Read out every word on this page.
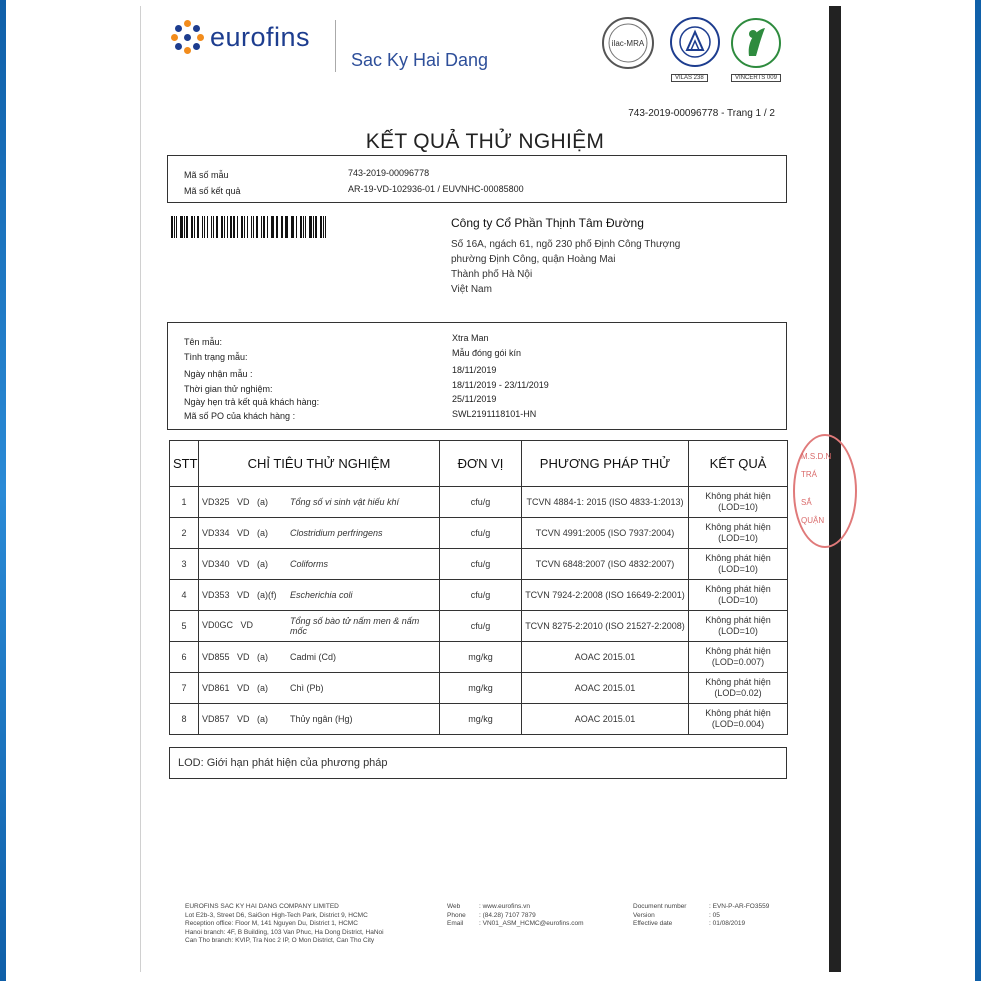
eurofins
Sac Ky Hai Dang
ilac-MRA
VILAS 238	VINCERTS 009
743-2019-00096778 - Trang 1 / 2
KẾT QUẢ THỬ NGHIỆM
Mã số mẫu	743-2019-00096778
Mã số kết quả	AR-19-VD-102936-01 / EUVNHC-00085800
Công ty Cổ Phần Thịnh Tâm Đường
Số 16A, ngách 61, ngõ 230 phố Định Công Thượng
phường Định Công, quận Hoàng Mai
Thành phố Hà Nội
Việt Nam
Tên mẫu:	Xtra Man
Tình trạng mẫu:	Mẫu đóng gói kín
Ngày nhận mẫu :	18/11/2019
Thời gian thử nghiệm:	18/11/2019 - 23/11/2019
Ngày hẹn trả kết quả khách hàng:	25/11/2019
Mã số PO của khách hàng :	SWL2191118101-HN
STT	CHỈ TIÊU THỬ NGHIỆM	ĐƠN VỊ	PHƯƠNG PHÁP THỬ	KẾT QUẢ
1	VD325   VD   (a) Tổng số vi sinh vật hiếu khí	cfu/g	TCVN 4884-1: 2015 (ISO 4833-1:2013)	Không phát hiện
(LOD=10)

2	VD334   VD   (a) Clostridium perfringens	cfu/g	TCVN 4991:2005 (ISO 7937:2004)	Không phát hiện
(LOD=10)

3	VD340   VD   (a) Coliforms	cfu/g	TCVN 6848:2007 (ISO 4832:2007)	Không phát hiện
(LOD=10)

4	VD353   VD   (a)(f) Escherichia coli	cfu/g	TCVN 7924-2:2008 (ISO 16649-2:2001)	Không phát hiện
(LOD=10)

5	VD0GC   VD Tổng số bào tử nấm men & nấm mốc	cfu/g	TCVN 8275-2:2010 (ISO 21527-2:2008)	Không phát hiện
(LOD=10)

6	VD855   VD   (a) Cadmi (Cd)	mg/kg	AOAC 2015.01	Không phát hiện
(LOD=0.007)

7	VD861   VD   (a) Chì (Pb)	mg/kg	AOAC 2015.01	Không phát hiện
(LOD=0.02)

8	VD857   VD   (a) Thủy ngân (Hg)	mg/kg	AOAC 2015.01	Không phát hiện
(LOD=0.004)
LOD: Giới hạn phát hiện của phương pháp
M.S.D.N
TRÁ
SẮ
QUẬN
EUROFINS SAC KY HAI DANG COMPANY LIMITED
Lot E2b-3, Street D6, SaiGon High-Tech Park, District 9, HCMC
Reception office: Floor M, 141 Nguyen Du, District 1, HCMC
Hanoi branch: 4F, B Building, 103 Van Phuc, Ha Dong District, HaNoi
Can Tho branch: KVIP, Tra Noc 2 IP, O Mon District, Can Tho City
Web
Phone
Email
: www.eurofins.vn
: (84.28) 7107 7879
: VN01_ASM_HCMC@eurofins.com
Document number
Version
Effective date
: EVN-P-AR-FO3559
: 05
: 01/08/2019
